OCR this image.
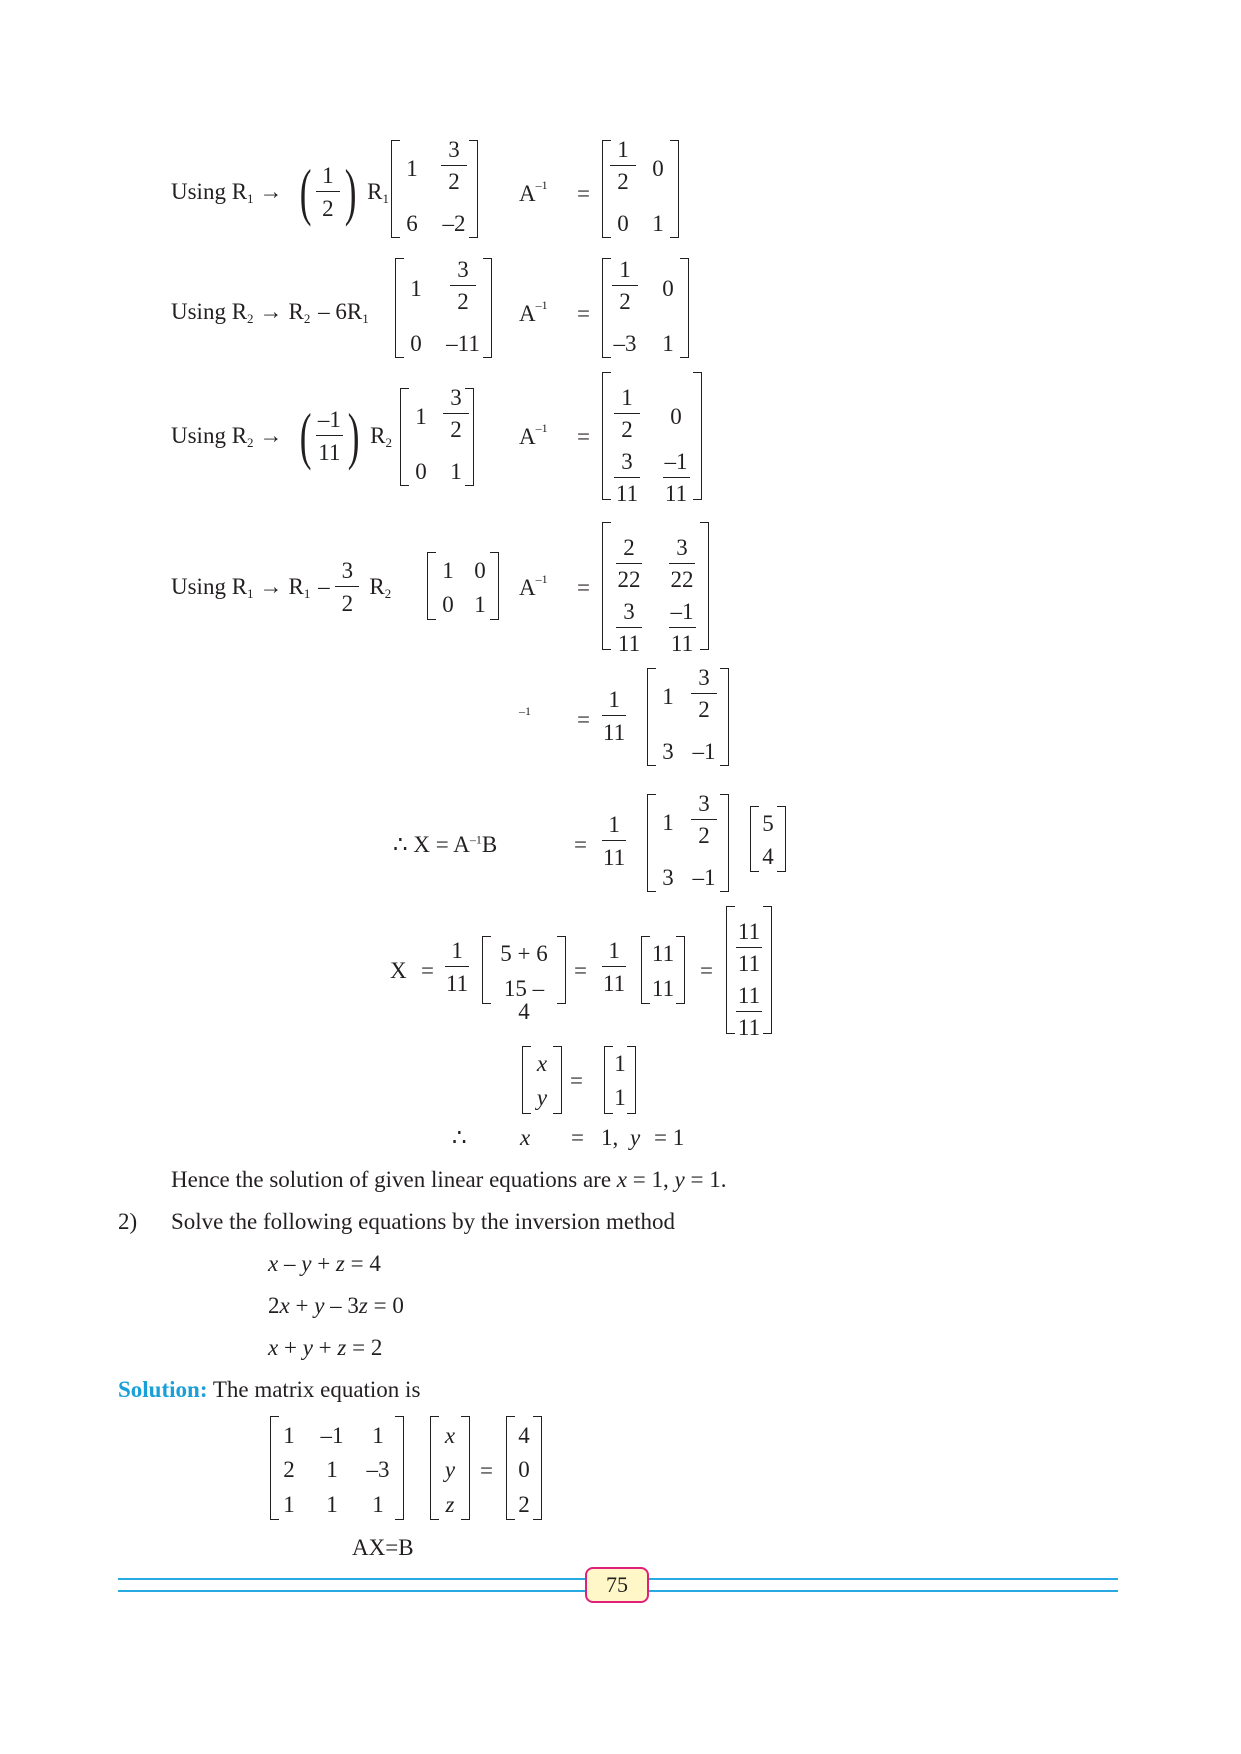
Using R 1 → ( $\frac{1}{2}$ ) R 1
$1 \frac{3}{2}$
6	–2
$A^{-1}$ =
$\frac{1}{2} 0$
0	1
Using R 2 → R 2 – 6R 1
$1 \frac{3}{2}$
0	–11
$A^{-1}$ =
$\frac{1}{2} 0$
–3	1
Using R 2 → ( $\frac{-1}{11}$ ) R 2
$1 \frac{3}{2}$
0	1
$A^{-1} = \frac{1}{2} 0$
$\frac{3}{11} \frac{-1}{11}$
Using R 1 → R $1 - \frac{3}{2}$ R 2
1 0
0 1
$A^{-1} = \frac{2}{22} \frac{3}{22}$
$\frac{3}{11} \frac{-1}{11}$
$^{-1} = \frac{1}{11}$	$1 \frac{3}{2}$
3 –1
∴ $X = A^{-1}B$	= $\frac{1}{11}$	$1 \frac{3}{2}$
3 –1
5
4
$X = \frac{1}{11} 5 + 6$
15 – 4
= $\frac{1}{11}$	11
11
= $\frac{11}{11}$
$\frac{11}{11}$
x
y
=
1
1
∴ x = 1, y = 1
Hence the solution of given linear equations are x = 1, y = 1.
2) Solve the following equations by the inversion method
x – y + z = 4
2x + y – 3z = 0
x + y + z = 2
Solution: The matrix equation is
1	–1	1
2	1	–3
1	1	1
x
y
z
=
4
0
2
AX=B
75
